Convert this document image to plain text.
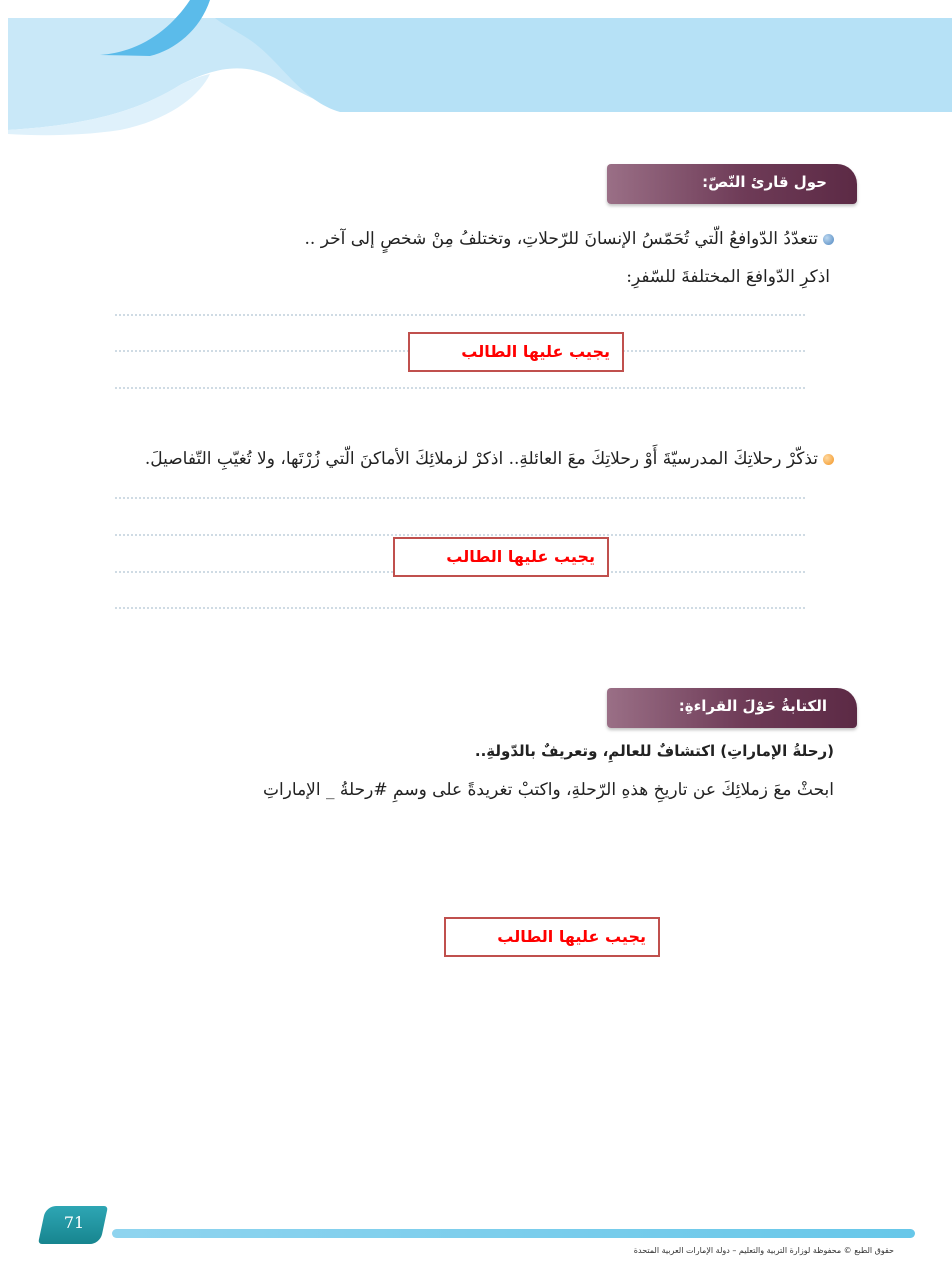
حول قارئ النّصّ:
تتعدّدُ الدّوافعُ الّتي تُحَمّسُ الإنسانَ للرّحلاتِ، وتختلفُ مِنْ شخصٍ إلى آخر ..
اذكرِ الدّوافعَ المختلفةَ للسّفرِ:
يجيب عليها الطالب
تذكّرْ رحلاتِكَ المدرسيّةَ أَوْ رحلاتِكَ معَ العائلةِ.. اذكرْ لزملائِكَ الأماكنَ الّتي زُرْتَها، ولا تُغيّبِ التّفاصيلَ.
يجيب عليها الطالب
الكتابةُ حَوْلَ القراءةِ:
(رحلةُ الإماراتِ) اكتشافٌ للعالمِ، وتعريفٌ بالدّولةِ..
ابحثْ معَ زملائِكَ عن تاريخِ هذهِ الرّحلةِ، واكتبْ تغريدةً على وسمِ #رحلةُ _ الإماراتِ
يجيب عليها الطالب
71
حقوق الطبع © محفوظة لوزارة التربية والتعليم – دولة الإمارات العربية المتحدة
